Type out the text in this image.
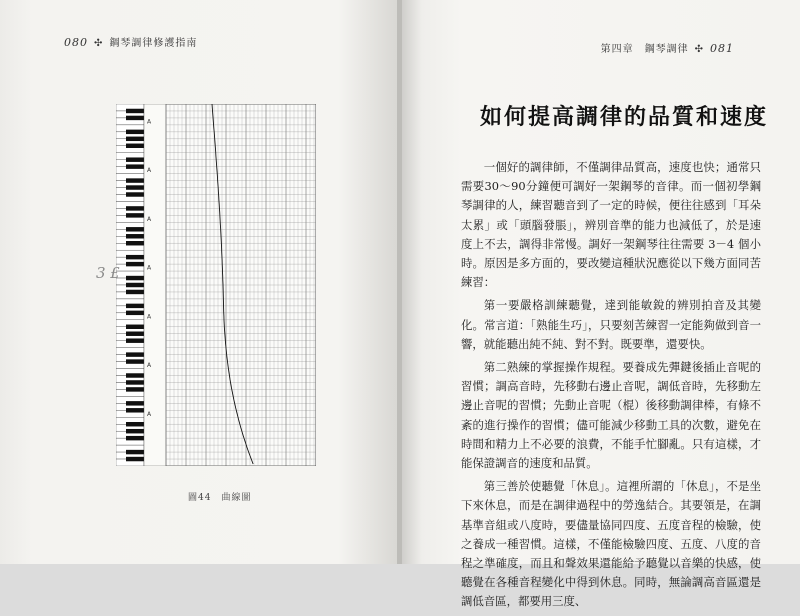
080 ✣ 鋼琴調律修護指南
A
A
A
A
A
A
A
3 £
圖44　曲線圖
第四章　鋼琴調律 ✣ 081
如何提高調律的品質和速度

一個好的調律師，不僅調律品質高，速度也快；通常只需要30～90分鐘便可調好一架鋼琴的音律。而一個初學鋼琴調律的人，練習聽音到了一定的時候，便往往感到「耳朵太累」或「頭腦發脹」，辨別音準的能力也減低了，於是速度上不去，調得非常慢。調好一架鋼琴往往需要 3－4 個小時。原因是多方面的，要改變這種狀況應從以下幾方面同苦練習：

第一要嚴格訓練聽覺，達到能敏銳的辨別拍音及其變化。常言道：「熟能生巧」，只要刻苦練習一定能夠做到音一響，就能聽出純不純、對不對。既要準，還要快。

第二熟練的掌握操作規程。要養成先彈鍵後插止音呢的習慣；調高音時，先移動右邊止音呢，調低音時，先移動左邊止音呢的習慣；先動止音呢（棍）後移動調律棒，有條不紊的進行操作的習慣；儘可能減少移動工具的次數，避免在時間和精力上不必要的浪費，不能手忙腳亂。只有這樣，才能保證調音的速度和品質。

第三善於使聽覺「休息」。這裡所謂的「休息」，不是坐下來休息，而是在調律過程中的勞逸結合。其要領是，在調基準音組或八度時，要儘量協同四度、五度音程的檢驗，使之養成一種習慣。這樣，不僅能檢驗四度、五度、八度的音程之準確度，而且和聲效果還能給予聽覺以音樂的快感，使聽覺在各種音程變化中得到休息。同時，無論調高音區還是調低音區，都要用三度、
